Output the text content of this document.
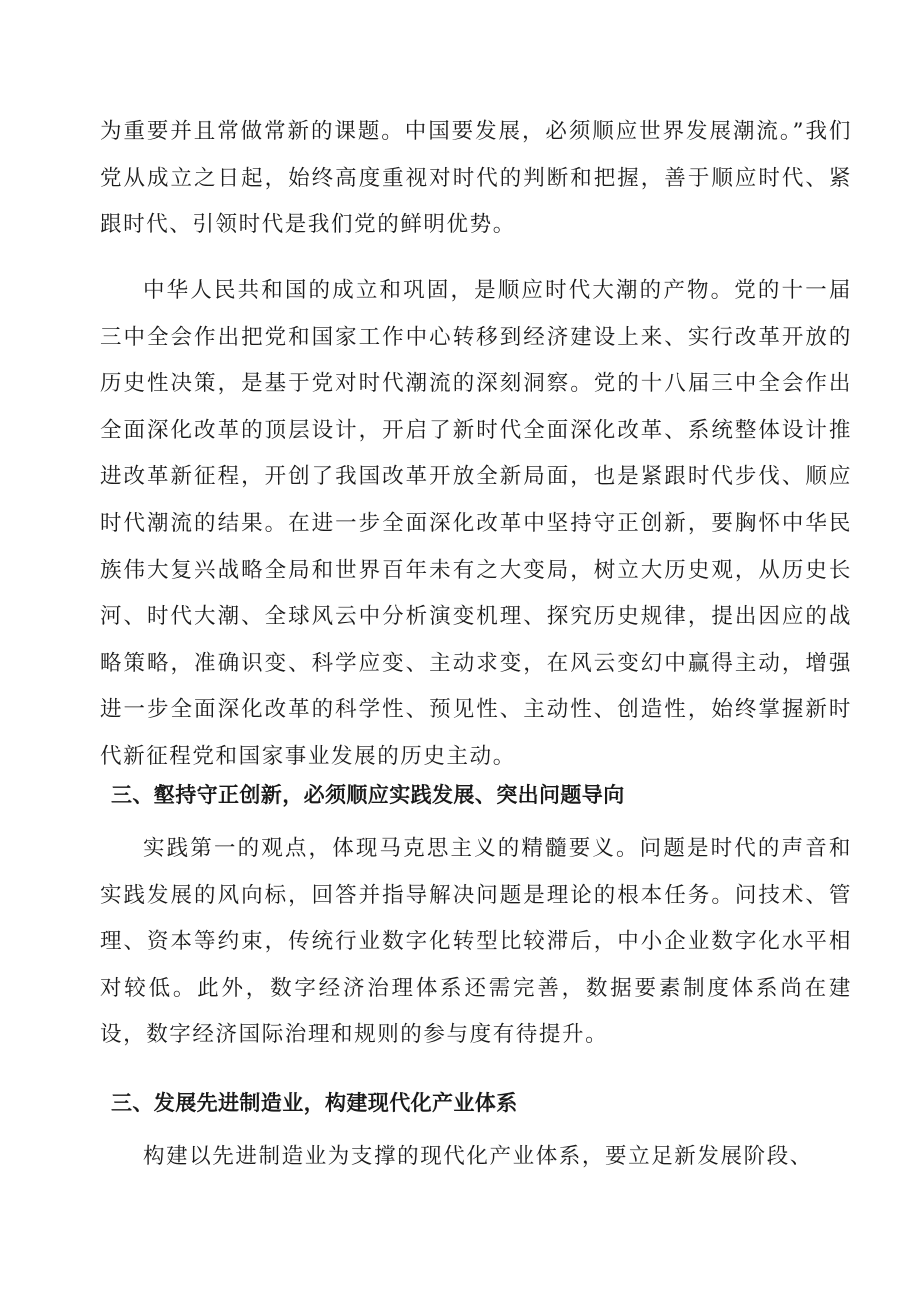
为重要并且常做常新的课题。中国要发展，必须顺应世界发展潮流。”我们党从成立之日起，始终高度重视对时代的判断和把握，善于顺应时代、紧跟时代、引领时代是我们党的鲜明优势。

中华人民共和国的成立和巩固，是顺应时代大潮的产物。党的十一届三中全会作出把党和国家工作中心转移到经济建设上来、实行改革开放的历史性决策，是基于党对时代潮流的深刻洞察。党的十八届三中全会作出全面深化改革的顶层设计，开启了新时代全面深化改革、系统整体设计推进改革新征程，开创了我国改革开放全新局面，也是紧跟时代步伐、顺应时代潮流的结果。在进一步全面深化改革中坚持守正创新，要胸怀中华民族伟大复兴战略全局和世界百年未有之大变局，树立大历史观，从历史长河、时代大潮、全球风云中分析演变机理、探究历史规律，提出因应的战略策略，准确识变、科学应变、主动求变，在风云变幻中赢得主动，增强进一步全面深化改革的科学性、预见性、主动性、创造性，始终掌握新时代新征程党和国家事业发展的历史主动。

三、壑持守正创新，必须顺应实践发展、突出问题导向

实践第一的观点，体现马克思主义的精髓要义。问题是时代的声音和实践发展的风向标，回答并指导解决问题是理论的根本任务。问技术、管理、资本等约束，传统行业数字化转型比较滞后，中小企业数字化水平相对较低。此外，数字经济治理体系还需完善，数据要素制度体系尚在建设，数字经济国际治理和规则的参与度有待提升。

三、发展先进制造业，构建现代化产业体系

构建以先进制造业为支撑的现代化产业体系，要立足新发展阶段、
